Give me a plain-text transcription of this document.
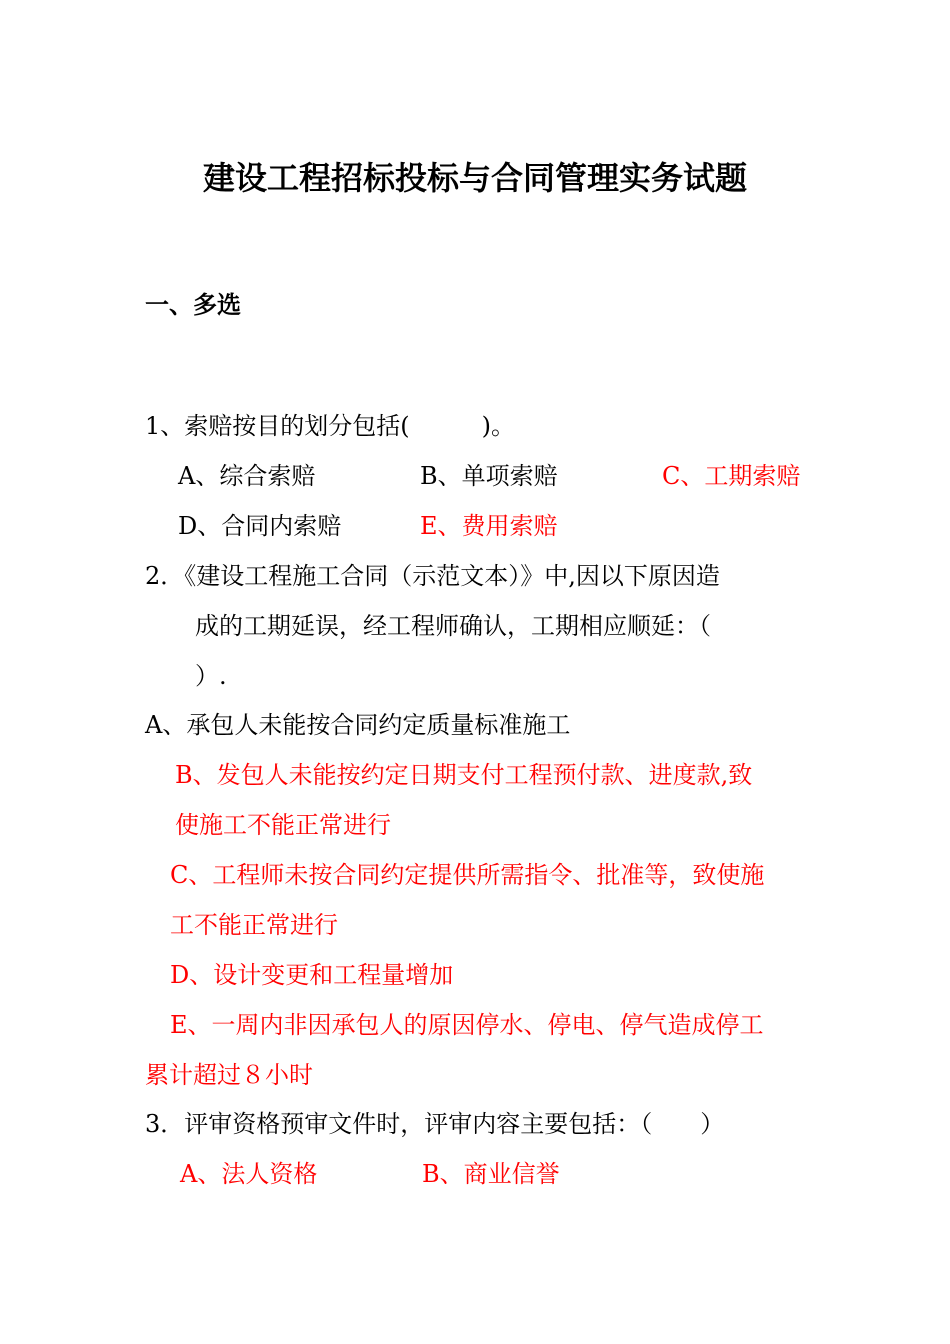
建设工程招标投标与合同管理实务试题
一、多选

1、索赔按目的划分包括(　　　)。

A、综合索赔	B、单项索赔	C、工期索赔

D、合同内索赔	E、费用索赔

2．《建设工程施工合同（示范文本）》中,因以下原因造

成的工期延误，经工程师确认，工期相应顺延：（

）.

A、承包人未能按合同约定质量标准施工

B、发包人未能按约定日期支付工程预付款、进度款,致

使施工不能正常进行

C、工程师未按合同约定提供所需指令、批准等，致使施

工不能正常进行

D、设计变更和工程量增加

E、一周内非因承包人的原因停水、停电、停气造成停工

累计超过８小时

3．评审资格预审文件时，评审内容主要包括：（　　）

A、法人资格	B、商业信誉
